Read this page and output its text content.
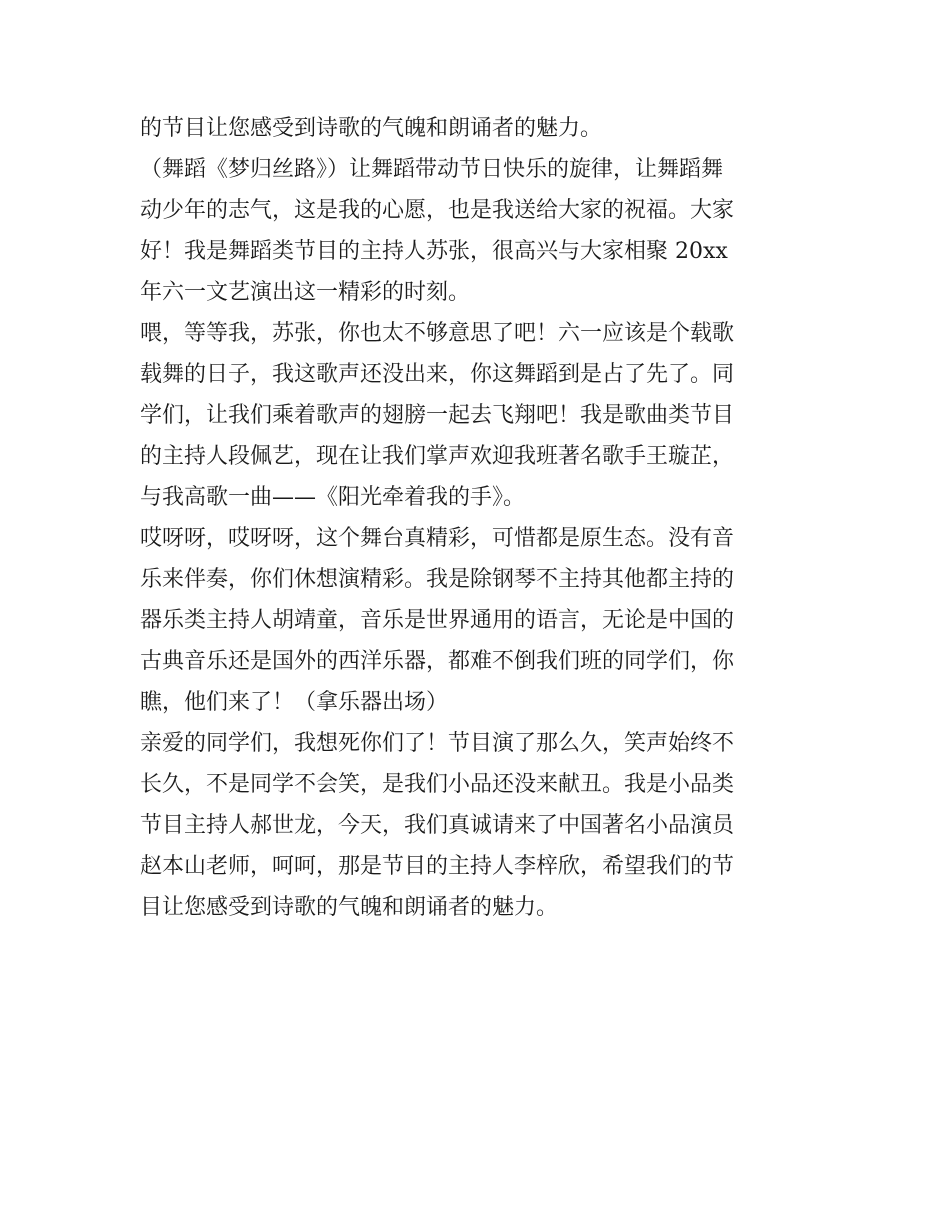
的节目让您感受到诗歌的气魄和朗诵者的魅力。
（舞蹈《梦归丝路》）让舞蹈带动节日快乐的旋律，让舞蹈舞
动少年的志气，这是我的心愿，也是我送给大家的祝福。大家
好！我是舞蹈类节目的主持人苏张，很高兴与大家相聚 20xx
年六一文艺演出这一精彩的时刻。
喂，等等我，苏张，你也太不够意思了吧！六一应该是个载歌
载舞的日子，我这歌声还没出来，你这舞蹈到是占了先了。同
学们，让我们乘着歌声的翅膀一起去飞翔吧！我是歌曲类节目
的主持人段佩艺，现在让我们掌声欢迎我班著名歌手王璇芷，
与我高歌一曲——《阳光牵着我的手》。
哎呀呀，哎呀呀，这个舞台真精彩，可惜都是原生态。没有音
乐来伴奏，你们休想演精彩。我是除钢琴不主持其他都主持的
器乐类主持人胡靖童，音乐是世界通用的语言，无论是中国的
古典音乐还是国外的西洋乐器，都难不倒我们班的同学们，你
瞧，他们来了！（拿乐器出场）
亲爱的同学们，我想死你们了！节目演了那么久，笑声始终不
长久，不是同学不会笑，是我们小品还没来献丑。我是小品类
节目主持人郝世龙，今天，我们真诚请来了中国著名小品演员
赵本山老师，呵呵，那是节目的主持人李梓欣，希望我们的节
目让您感受到诗歌的气魄和朗诵者的魅力。
